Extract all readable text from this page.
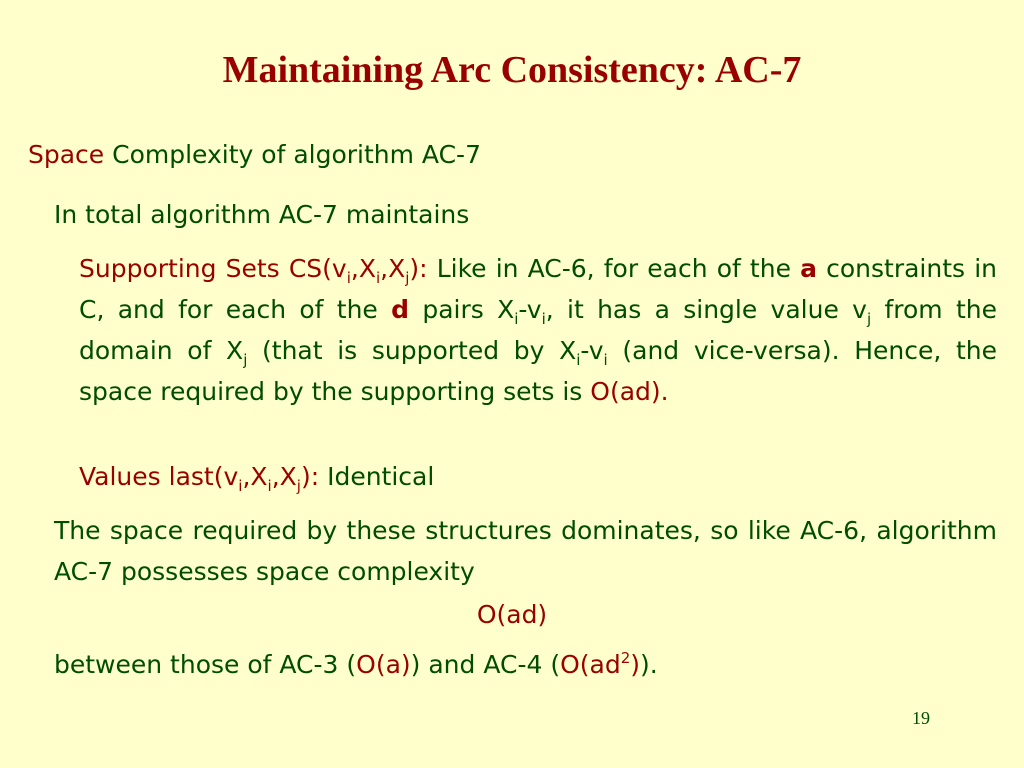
Maintaining Arc Consistency: AC-7
Space Complexity of algorithm AC-7
In total algorithm AC-7 maintains
Supporting Sets $CS(v_i,X_i,X_j)$: Like in AC-6, for each of the a constraints in C, and for each of the d pairs $X_i-v_i$, it has a single value $v_j$ from the domain of $X_j$ (that is supported by $X_i-v_i$ (and vice-versa). Hence, the space required by the supporting sets is O(ad).
Values $last(v_i,X_i,X_j)$: Identical
The space required by these structures dominates, so like AC-6, algorithm AC-7 possesses space complexity
O(ad)
between those of AC-3 (O(a)) and AC-4 $(O(ad^2))$.
19
